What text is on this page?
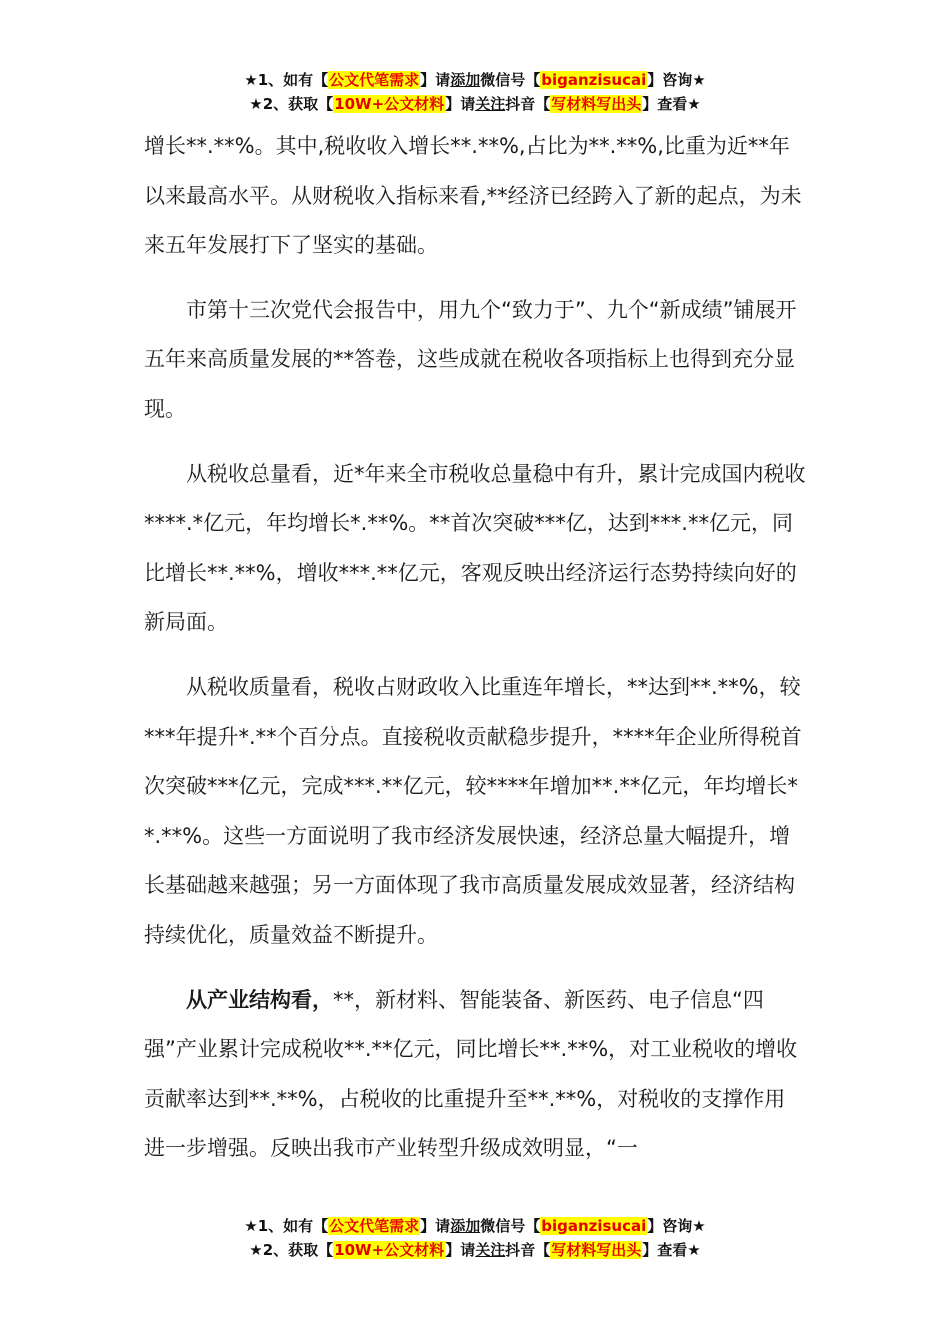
★1、如有【公文代笔需求】请添加微信号【biganzisucai】咨询★
★2、获取【10W+公文材料】请关注抖音【写材料写出头】查看★

增长**.**%。其中,税收收入增长**.**%,占比为**.**%,比重为近**年以来最高水平。从财税收入指标来看,**经济已经跨入了新的起点，为未来五年发展打下了坚实的基础。

市第十三次党代会报告中，用九个“致力于”、九个“新成绩”铺展开五年来高质量发展的**答卷，这些成就在税收各项指标上也得到充分显现。

从税收总量看，近*年来全市税收总量稳中有升，累计完成国内税收****.*亿元，年均增长*.**%。**首次突破***亿，达到***.**亿元，同比增长**.**%，增收***.**亿元，客观反映出经济运行态势持续向好的新局面。

从税收质量看，税收占财政收入比重连年增长，**达到**.**%，较***年提升*.**个百分点。直接税收贡献稳步提升，****年企业所得税首次突破***亿元，完成***.**亿元，较****年增加**.**亿元，年均增长**.**%。这些一方面说明了我市经济发展快速，经济总量大幅提升，增长基础越来越强；另一方面体现了我市高质量发展成效显著，经济结构持续优化，质量效益不断提升。

从产业结构看，**，新材料、智能装备、新医药、电子信息“四强”产业累计完成税收**.**亿元，同比增长**.**%，对工业税收的增收贡献率达到**.**%，占税收的比重提升至**.**%，对税收的支撑作用进一步增强。反映出我市产业转型升级成效明显，“一

★1、如有【公文代笔需求】请添加微信号【biganzisucai】咨询★
★2、获取【10W+公文材料】请关注抖音【写材料写出头】查看★
